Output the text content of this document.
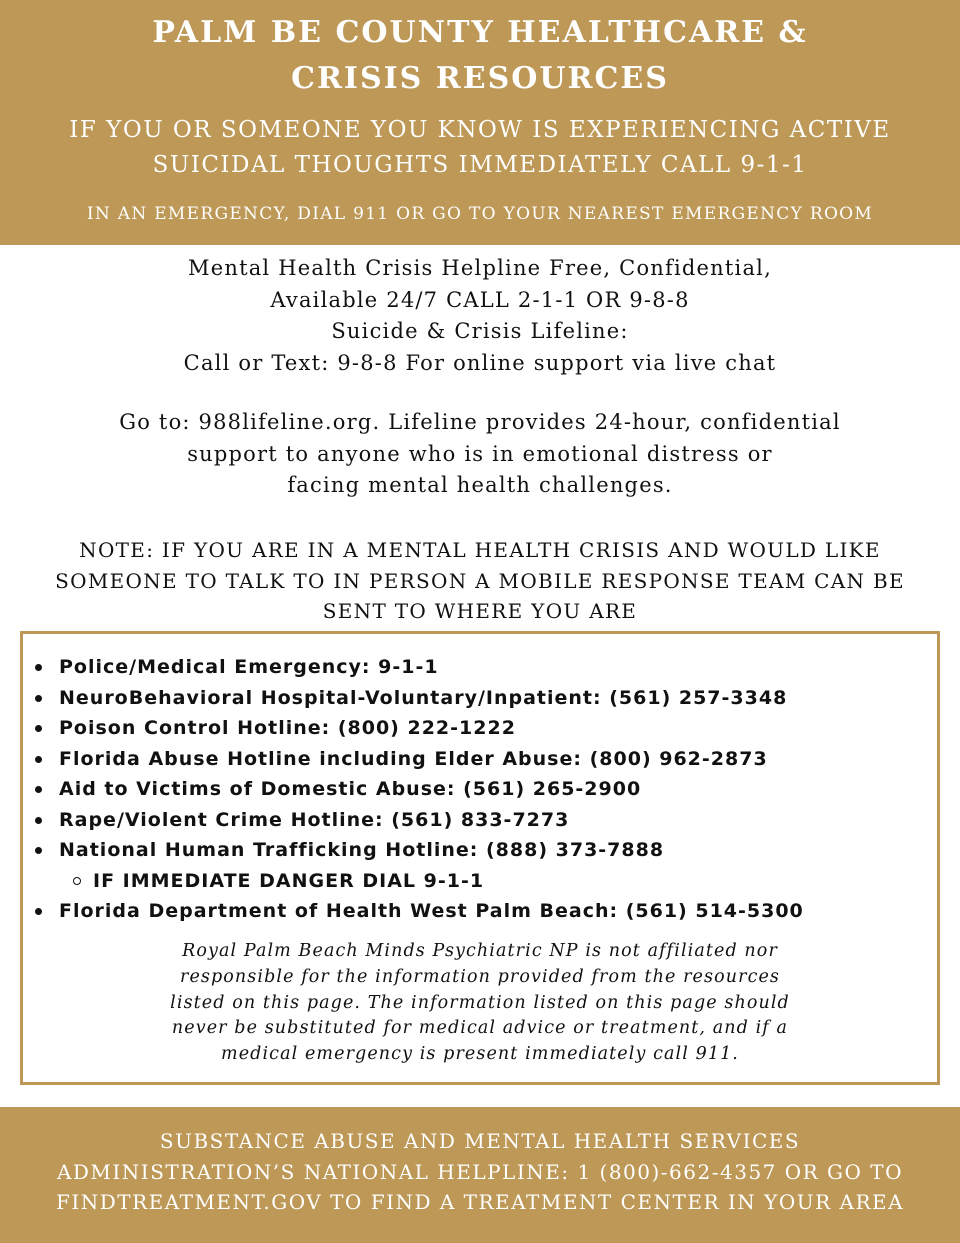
PALM BE COUNTY HEALTHCARE &
CRISIS RESOURCES
IF YOU OR SOMEONE YOU KNOW IS EXPERIENCING ACTIVE
SUICIDAL THOUGHTS IMMEDIATELY CALL 9-1-1
IN AN EMERGENCY, DIAL 911 OR GO TO YOUR NEAREST EMERGENCY ROOM
Mental Health Crisis Helpline Free, Confidential,
Available 24/7 CALL 2-1-1 OR 9-8-8
Suicide & Crisis Lifeline:
Call or Text: 9-8-8 For online support via live chat
Go to: 988lifeline.org. Lifeline provides 24-hour, confidential
support to anyone who is in emotional distress or
facing mental health challenges.
NOTE: IF YOU ARE IN A MENTAL HEALTH CRISIS AND WOULD LIKE
SOMEONE TO TALK TO IN PERSON A MOBILE RESPONSE TEAM CAN BE
SENT TO WHERE YOU ARE
Police/Medical Emergency: 9-1-1
NeuroBehavioral Hospital-Voluntary/Inpatient: (561) 257-3348
Poison Control Hotline: (800) 222-1222
Florida Abuse Hotline including Elder Abuse: (800) 962-2873
Aid to Victims of Domestic Abuse: (561) 265-2900
Rape/Violent Crime Hotline: (561) 833-7273
National Human Trafficking Hotline: (888) 373-7888
IF IMMEDIATE DANGER DIAL 9-1-1
Florida Department of Health West Palm Beach: (561) 514-5300
Royal Palm Beach Minds Psychiatric NP is not affiliated nor
responsible for the information provided from the resources
listed on this page. The information listed on this page should
never be substituted for medical advice or treatment, and if a
medical emergency is present immediately call 911.
SUBSTANCE ABUSE AND MENTAL HEALTH SERVICES
ADMINISTRATION’S NATIONAL HELPLINE: 1 (800)-662-4357 OR GO TO
FINDTREATMENT.GOV TO FIND A TREATMENT CENTER IN YOUR AREA
